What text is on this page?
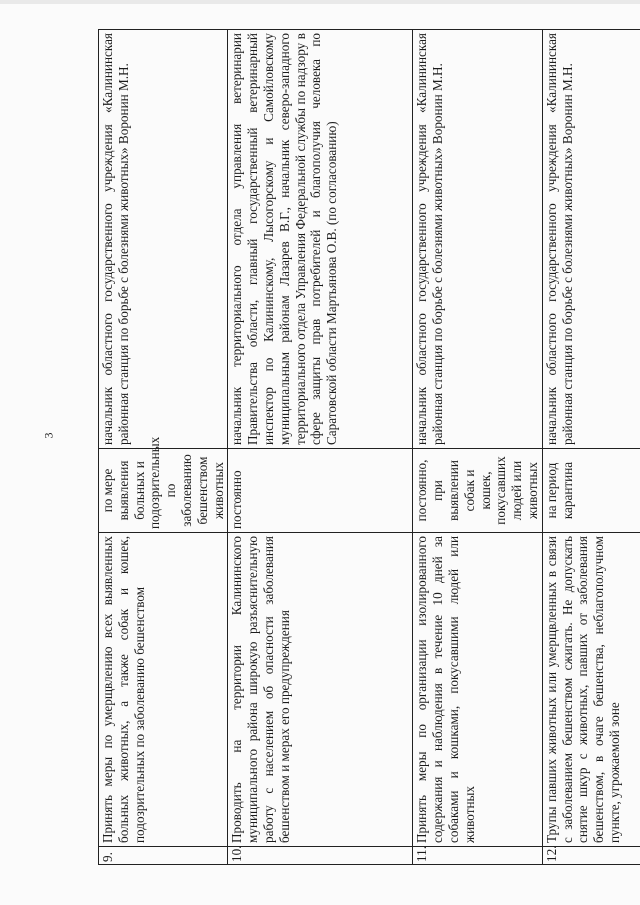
3
9.	Принять меры по умерщвлению всех выявленных больных животных, а также собак и кошек, подозрительных по заболеванию бешенством	по мере выявления больных и подозрительных по заболеванию бешенством животных	начальник областного государственного учреждения «Калининская районная станция по борьбе с болезнями животных» Воронин М.Н.
10.	Проводить на территории Калининского муниципального района широкую разъяснительную работу с населением об опасности заболевания бешенством и мерах его предупреждения	постоянно	начальник территориального отдела управления ветеринарии Правительства области, главный государственный ветеринарный инспектор по Калининскому, Лысогорскому и Самойловскому муниципальным районам Лазарев В.Г., начальник северо-западного территориального отдела Управления Федеральной службы по надзору в сфере защиты прав потребителей и благополучия человека по Саратовской области Мартьянова О.В. (по согласованию)
11.	Принять меры по организации изолированного содержания и наблюдения в течение 10 дней за собаками и кошками, покусавшими людей или животных	постоянно, при выявлении собак и кошек, покусавших людей или животных	начальник областного государственного учреждения «Калининская районная станция по борьбе с болезнями животных» Воронин М.Н.
12.	Трупы павших животных или умерщвленных в связи с заболеванием бешенством сжигать. Не допускать снятие шкур с животных, павших от заболевания бешенством, в очаге бешенства, неблагополучном пункте, угрожаемой зоне	на период карантина	начальник областного государственного учреждения «Калининская районная станция по борьбе с болезнями животных» Воронин М.Н.
